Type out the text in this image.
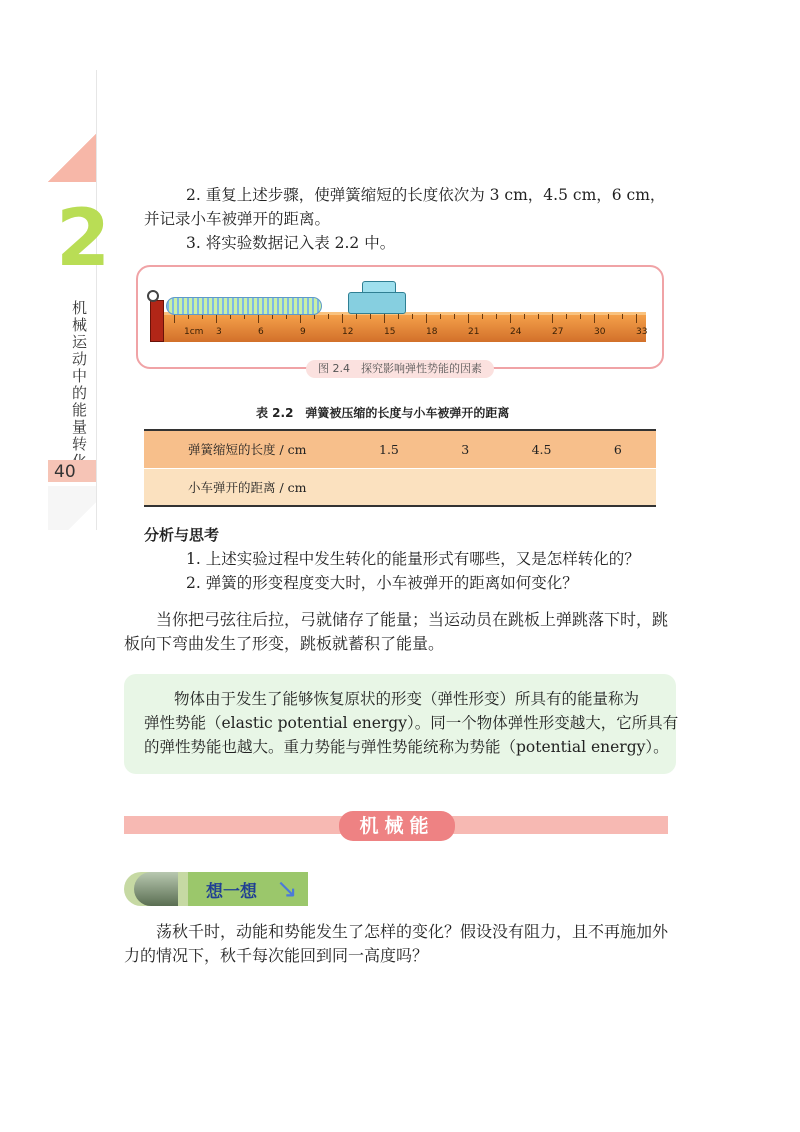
2
机械运动中的能量转
40
2. 重复上述步骤，使弹簧缩短的长度依次为 3 cm，4.5 cm，6 cm，
并记录小车被弹开的距离。
3. 将实验数据记入表 2.2 中。
1cm 3	6	9	12	15	18	21	24	27	30	33
图 2.4　探究影响弹性势能的因素
表 2.2　弹簧被压缩的长度与小车被弹开的距离
弹簧缩短的长度 / cm	1.5	3	4.5	6
小车弹开的距离 / cm				
分析与思考
1. 上述实验过程中发生转化的能量形式有哪些，又是怎样转化的？
2. 弹簧的形变程度变大时，小车被弹开的距离如何变化？
当你把弓弦往后拉，弓就储存了能量；当运动员在跳板上弹跳落下时，跳
板向下弯曲发生了形变，跳板就蓄积了能量。
物体由于发生了能够恢复原状的形变（弹性形变）所具有的能量称为
弹性势能（elastic potential energy）。同一个物体弹性形变越大，它所具有
的弹性势能也越大。重力势能与弹性势能统称为势能（potential energy）。
机械能
想一想 ↘
荡秋千时，动能和势能发生了怎样的变化？假设没有阻力，且不再施加外
力的情况下，秋千每次能回到同一高度吗？
